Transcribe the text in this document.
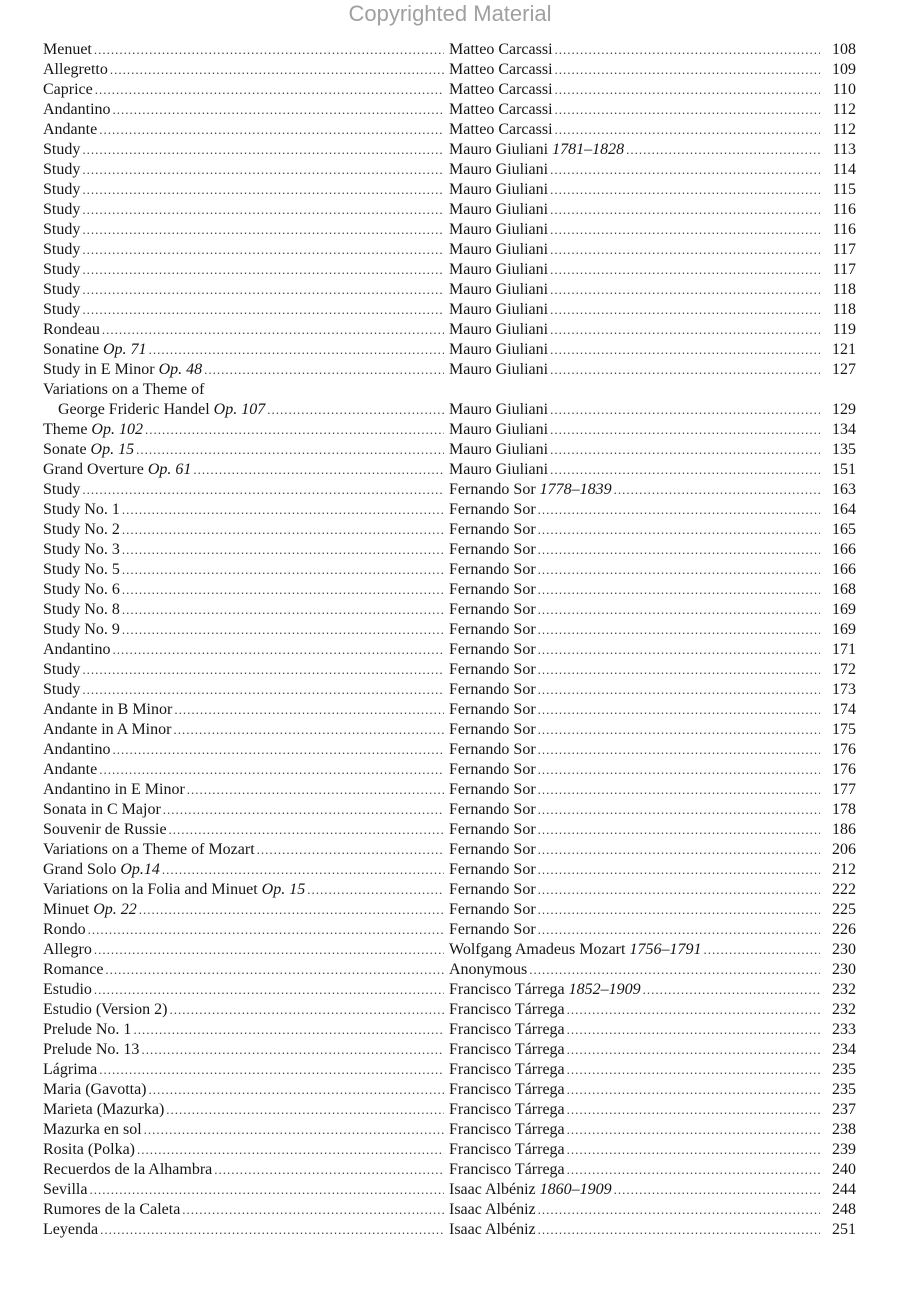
Copyrighted Material
Menuet .....	Matteo Carcassi .....	108
Allegretto .....	Matteo Carcassi .....	109
Caprice .....	Matteo Carcassi .....	110
Andantino .....	Matteo Carcassi .....	112
Andante .....	Matteo Carcassi .....	112
Study .....	Mauro Giuliani 1781–1828 .....	113
Study .....	Mauro Giuliani .....	114
Study .....	Mauro Giuliani .....	115
Study .....	Mauro Giuliani .....	116
Study .....	Mauro Giuliani .....	116
Study .....	Mauro Giuliani .....	117
Study .....	Mauro Giuliani .....	117
Study .....	Mauro Giuliani .....	118
Study .....	Mauro Giuliani .....	118
Rondeau .....	Mauro Giuliani .....	119
Sonatine Op. 71 .....	Mauro Giuliani .....	121
Study in E Minor Op. 48 .....	Mauro Giuliani .....	127
Variations on a Theme of
George Frideric Handel Op. 107 .....	Mauro Giuliani .....	129
Theme Op. 102 .....	Mauro Giuliani .....	134
Sonate Op. 15 .....	Mauro Giuliani .....	135
Grand Overture Op. 61 .....	Mauro Giuliani .....	151
Study .....	Fernando Sor 1778–1839 .....	163
Study No. 1 .....	Fernando Sor .....	164
Study No. 2 .....	Fernando Sor .....	165
Study No. 3 .....	Fernando Sor .....	166
Study No. 5 .....	Fernando Sor .....	166
Study No. 6 .....	Fernando Sor .....	168
Study No. 8 .....	Fernando Sor .....	169
Study No. 9 .....	Fernando Sor .....	169
Andantino .....	Fernando Sor .....	171
Study .....	Fernando Sor .....	172
Study .....	Fernando Sor .....	173
Andante in B Minor .....	Fernando Sor .....	174
Andante in A Minor .....	Fernando Sor .....	175
Andantino .....	Fernando Sor .....	176
Andante .....	Fernando Sor .....	176
Andantino in E Minor .....	Fernando Sor .....	177
Sonata in C Major .....	Fernando Sor .....	178
Souvenir de Russie .....	Fernando Sor .....	186
Variations on a Theme of Mozart .....	Fernando Sor .....	206
Grand Solo Op.14 .....	Fernando Sor .....	212
Variations on la Folia and Minuet Op. 15 .....	Fernando Sor .....	222
Minuet Op. 22 .....	Fernando Sor .....	225
Rondo .....	Fernando Sor .....	226
Allegro .....	Wolfgang Amadeus Mozart 1756–1791 .....	230
Romance .....	Anonymous .....	230
Estudio .....	Francisco Tárrega 1852–1909 .....	232
Estudio (Version 2) .....	Francisco Tárrega .....	232
Prelude No. 1 .....	Francisco Tárrega .....	233
Prelude No. 13 .....	Francisco Tárrega .....	234
Lágrima .....	Francisco Tárrega .....	235
Maria (Gavotta) .....	Francisco Tárrega .....	235
Marieta (Mazurka) .....	Francisco Tárrega .....	237
Mazurka en sol .....	Francisco Tárrega .....	238
Rosita (Polka) .....	Francisco Tárrega .....	239
Recuerdos de la Alhambra .....	Francisco Tárrega .....	240
Sevilla .....	Isaac Albéniz 1860–1909 .....	244
Rumores de la Caleta .....	Isaac Albéniz .....	248
Leyenda .....	Isaac Albéniz .....	251
